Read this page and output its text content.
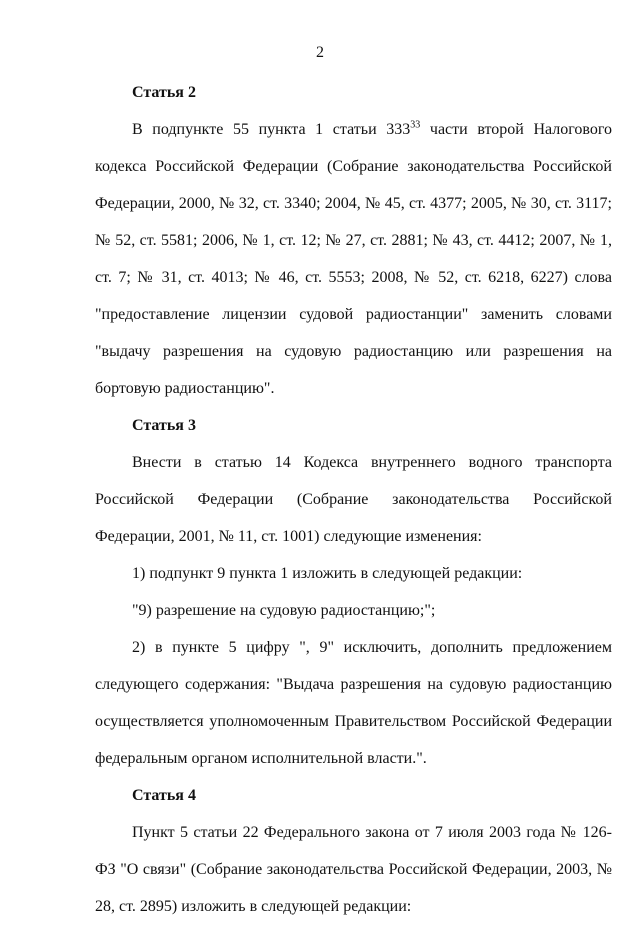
2

Статья 2

В подпункте 55 пункта 1 статьи $333^{33}$ части второй Налогового кодекса Российской Федерации (Собрание законодательства Российской Федерации, 2000, № 32, ст. 3340; 2004, № 45, ст. 4377; 2005, № 30, ст. 3117; № 52, ст. 5581; 2006, № 1, ст. 12; № 27, ст. 2881; № 43, ст. 4412; 2007, № 1, ст. 7; № 31, ст. 4013; № 46, ст. 5553; 2008, № 52, ст. 6218, 6227) слова "предоставление лицензии судовой радиостанции" заменить словами "выдачу разрешения на судовую радиостанцию или разрешения на бортовую радиостанцию".

Статья 3

Внести в статью 14 Кодекса внутреннего водного транспорта Российской Федерации (Собрание законодательства Российской Федерации, 2001, № 11, ст. 1001) следующие изменения:

1) подпункт 9 пункта 1 изложить в следующей редакции:

"9) разрешение на судовую радиостанцию;";

2) в пункте 5 цифру ", 9" исключить, дополнить предложением следующего содержания: "Выдача разрешения на судовую радиостанцию осуществляется уполномоченным Правительством Российской Федерации федеральным органом исполнительной власти.".

Статья 4

Пункт 5 статьи 22 Федерального закона от 7 июля 2003 года № 126-ФЗ "О связи" (Собрание законодательства Российской Федерации, 2003, № 28, ст. 2895) изложить в следующей редакции:
